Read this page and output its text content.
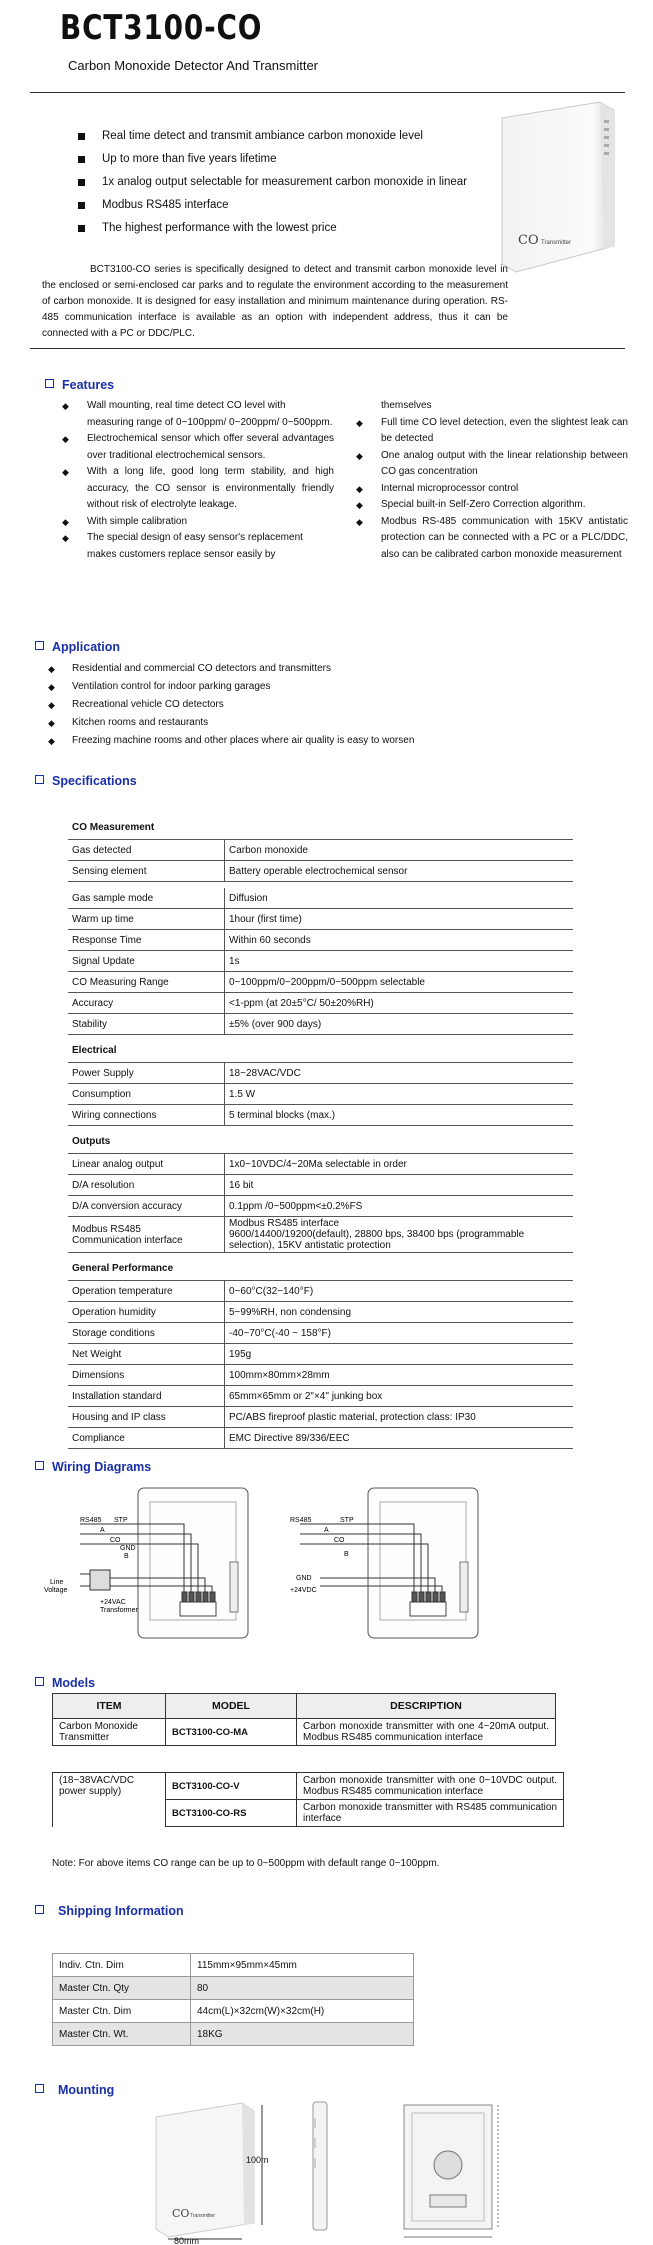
BCT3100-CO
Carbon Monoxide Detector And Transmitter
Real time detect and transmit ambiance carbon monoxide level
Up to more than five years lifetime
1x analog output selectable for measurement carbon monoxide in linear
Modbus RS485 interface
The highest performance with the lowest price
CO Transmitter
BCT3100-CO series is specifically designed to detect and transmit carbon monoxide level in the enclosed or semi-enclosed car parks and to regulate the environment according to the measurement of carbon monoxide. It is designed for easy installation and minimum maintenance during operation. RS-485 communication interface is available as an option with independent address, thus it can be connected with a PC or DDC/PLC.
Features
◆ Wall mounting, real time detect CO level with measuring range of 0~100ppm/ 0~200ppm/ 0~500ppm.
◆ Electrochemical sensor which offer several advantages over traditional electrochemical sensors.
◆ With a long life, good long term stability, and high accuracy, the CO sensor is environmentally friendly without risk of electrolyte leakage.
◆ With simple calibration
◆ The special design of easy sensor's replacement makes customers replace sensor easily by
themselves
◆ Full time CO level detection, even the slightest leak can be detected
◆ One analog output with the linear relationship between CO gas concentration
◆ Internal microprocessor control
◆ Special built-in Self-Zero Correction algorithm.
◆ Modbus RS-485 communication with 15KV antistatic protection can be connected with a PC or a PLC/DDC, also can be calibrated carbon monoxide measurement
Application
◆ Residential and commercial CO detectors and transmitters
◆ Ventilation control for indoor parking garages
◆ Recreational vehicle CO detectors
◆ Kitchen rooms and restaurants
◆ Freezing machine rooms and other places where air quality is easy to worsen
Specifications
CO Measurement	
Gas detected	Carbon monoxide
Sensing element	Battery operable electrochemical sensor

Gas sample mode	Diffusion
Warm up time	1hour (first time)
Response Time	Within 60 seconds
Signal Update	1s
CO Measuring Range	0~100ppm/0~200ppm/0~500ppm selectable
Accuracy	<1-ppm (at 20±5°C/ 50±20%RH)
Stability	±5% (over 900 days)
Electrical	
Power Supply	18~28VAC/VDC
Consumption	1.5 W
Wiring connections	5 terminal blocks (max.)
Outputs	
Linear analog output	1x0~10VDC/4~20Ma selectable in order
D/A resolution	16 bit
D/A conversion accuracy	0.1ppm /0~500ppm<±0.2%FS
Modbus RS485
Communication interface	Modbus RS485 interface
9600/14400/19200(default), 28800 bps, 38400 bps (programmable
selection), 15KV antistatic protection
General Performance	
Operation temperature	0~60°C(32~140°F)
Operation humidity	5~99%RH, non condensing
Storage conditions	-40~70°C(-40 ~ 158°F)
Net Weight	195g
Dimensions	100mm×80mm×28mm
Installation standard	65mm×65mm or 2"×4" junking box
Housing and IP class	PC/ABS fireproof plastic material, protection class: IP30
Compliance	EMC Directive 89/336/EEC
Wiring Diagrams
RS485 STP
A
CO
GND
B
Line
Voltage
+24VAC
Transformer
RS485	STP
A
CO
B
GND
+24VDC
Models
ITEM	MODEL	DESCRIPTION
Carbon Monoxide Transmitter	BCT3100-CO-MA	Carbon monoxide transmitter with one 4~20mA output. Modbus RS485 communication interface
(18~38VAC/VDC power supply)	BCT3100-CO-V	Carbon monoxide transmitter with one 0~10VDC output. Modbus RS485 communication interface
	BCT3100-CO-RS	Carbon monoxide transmitter with RS485 communication interface
Note: For above items CO range can be up to 0~500ppm with default range 0~100ppm.
Shipping Information
Indiv. Ctn. Dim	115mm×95mm×45mm
Master Ctn. Qty	80
Master Ctn. Dim	44cm(L)×32cm(W)×32cm(H)
Master Ctn. Wt.	18KG
Mounting
CO Transmitter
100m
80mm
